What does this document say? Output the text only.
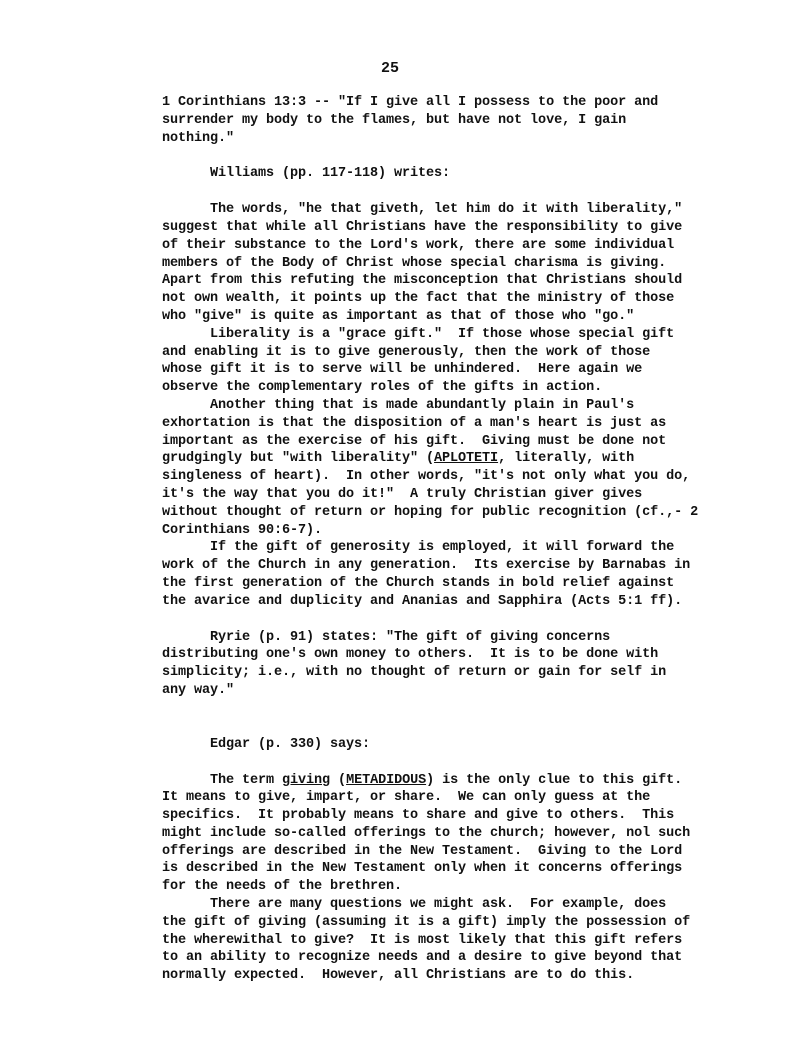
25
1 Corinthians 13:3 -- "If I give all I possess to the poor and
surrender my body to the flames, but have not love, I gain
nothing."
Williams (pp. 117-118) writes:
The words, "he that giveth, let him do it with liberality,"
suggest that while all Christians have the responsibility to give
of their substance to the Lord's work, there are some individual
members of the Body of Christ whose special charisma is giving.
Apart from this refuting the misconception that Christians should
not own wealth, it points up the fact that the ministry of those
who "give" is quite as important as that of those who "go."
Liberality is a "grace gift."  If those whose special gift
and enabling it is to give generously, then the work of those
whose gift it is to serve will be unhindered.  Here again we
observe the complementary roles of the gifts in action.
Another thing that is made abundantly plain in Paul's
exhortation is that the disposition of a man's heart is just as
important as the exercise of his gift.  Giving must be done not
grudgingly but "with liberality" (APLOTETI, literally, with
singleness of heart).  In other words, "it's not only what you do,
it's the way that you do it!"  A truly Christian giver gives
without thought of return or hoping for public recognition (cf.,- 2
Corinthians 90:6-7).
If the gift of generosity is employed, it will forward the
work of the Church in any generation.  Its exercise by Barnabas in
the first generation of the Church stands in bold relief against
the avarice and duplicity and Ananias and Sapphira (Acts 5:1 ff).
Ryrie (p. 91) states: "The gift of giving concerns
distributing one's own money to others.  It is to be done with
simplicity; i.e., with no thought of return or gain for self in
any way."
Edgar (p. 330) says:
The term giving (METADIDOUS) is the only clue to this gift.
It means to give, impart, or share.  We can only guess at the
specifics.  It probably means to share and give to others.  This
might include so-called offerings to the church; however, nol such
offerings are described in the New Testament.  Giving to the Lord
is described in the New Testament only when it concerns offerings
for the needs of the brethren.
There are many questions we might ask.  For example, does
the gift of giving (assuming it is a gift) imply the possession of
the wherewithal to give?  It is most likely that this gift refers
to an ability to recognize needs and a desire to give beyond that
normally expected.  However, all Christians are to do this.
